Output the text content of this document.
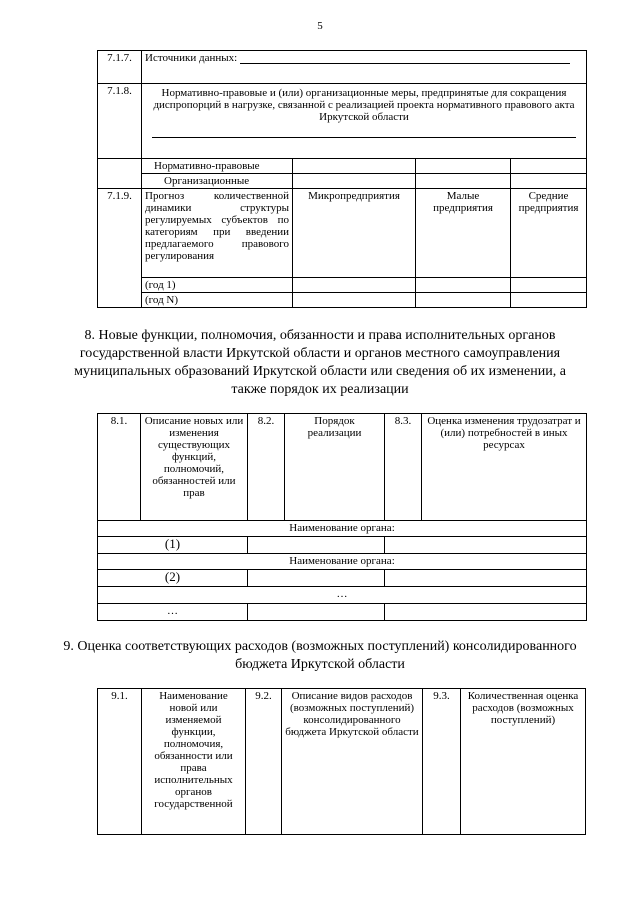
5
7.1.7.	Источники данных:			
7.1.8.	Нормативно-правовые и (или) организационные меры, предпринятые для сокращения диспропорций в нагрузке, связанной с реализацией проекта нормативного правового акта Иркутской области			

	Нормативно-правовые			
	Организационные			
7.1.9.	Прогноз количественной динамики структуры регулируемых субъектов по категориям при введении предлагаемого правового регулирования	Микропредприятия	Малые предприятия	Средние предприятия
	(год 1)			
	(год N)			
8. Новые функции, полномочия, обязанности и права исполнительных органов государственной власти Иркутской области и органов местного самоуправления муниципальных образований Иркутской области или сведения об их изменении, а также порядок их реализации
8.1.	Описание новых или изменения существующих функций, полномочий, обязанностей или прав	8.2.	Порядок реализации	8.3.	Оценка изменения трудозатрат и (или) потребностей в иных ресурсах
Наименование органа:					
(1)					
Наименование органа:					
(2)					
…					
…					
9. Оценка соответствующих расходов (возможных поступлений) консолидированного бюджета Иркутской области
9.1.	Наименование новой или изменяемой функции, полномочия, обязанности или права исполнительных органов государственной	9.2.	Описание видов расходов (возможных поступлений) консолидированного бюджета Иркутской области	9.3.	Количественная оценка расходов (возможных поступлений)
